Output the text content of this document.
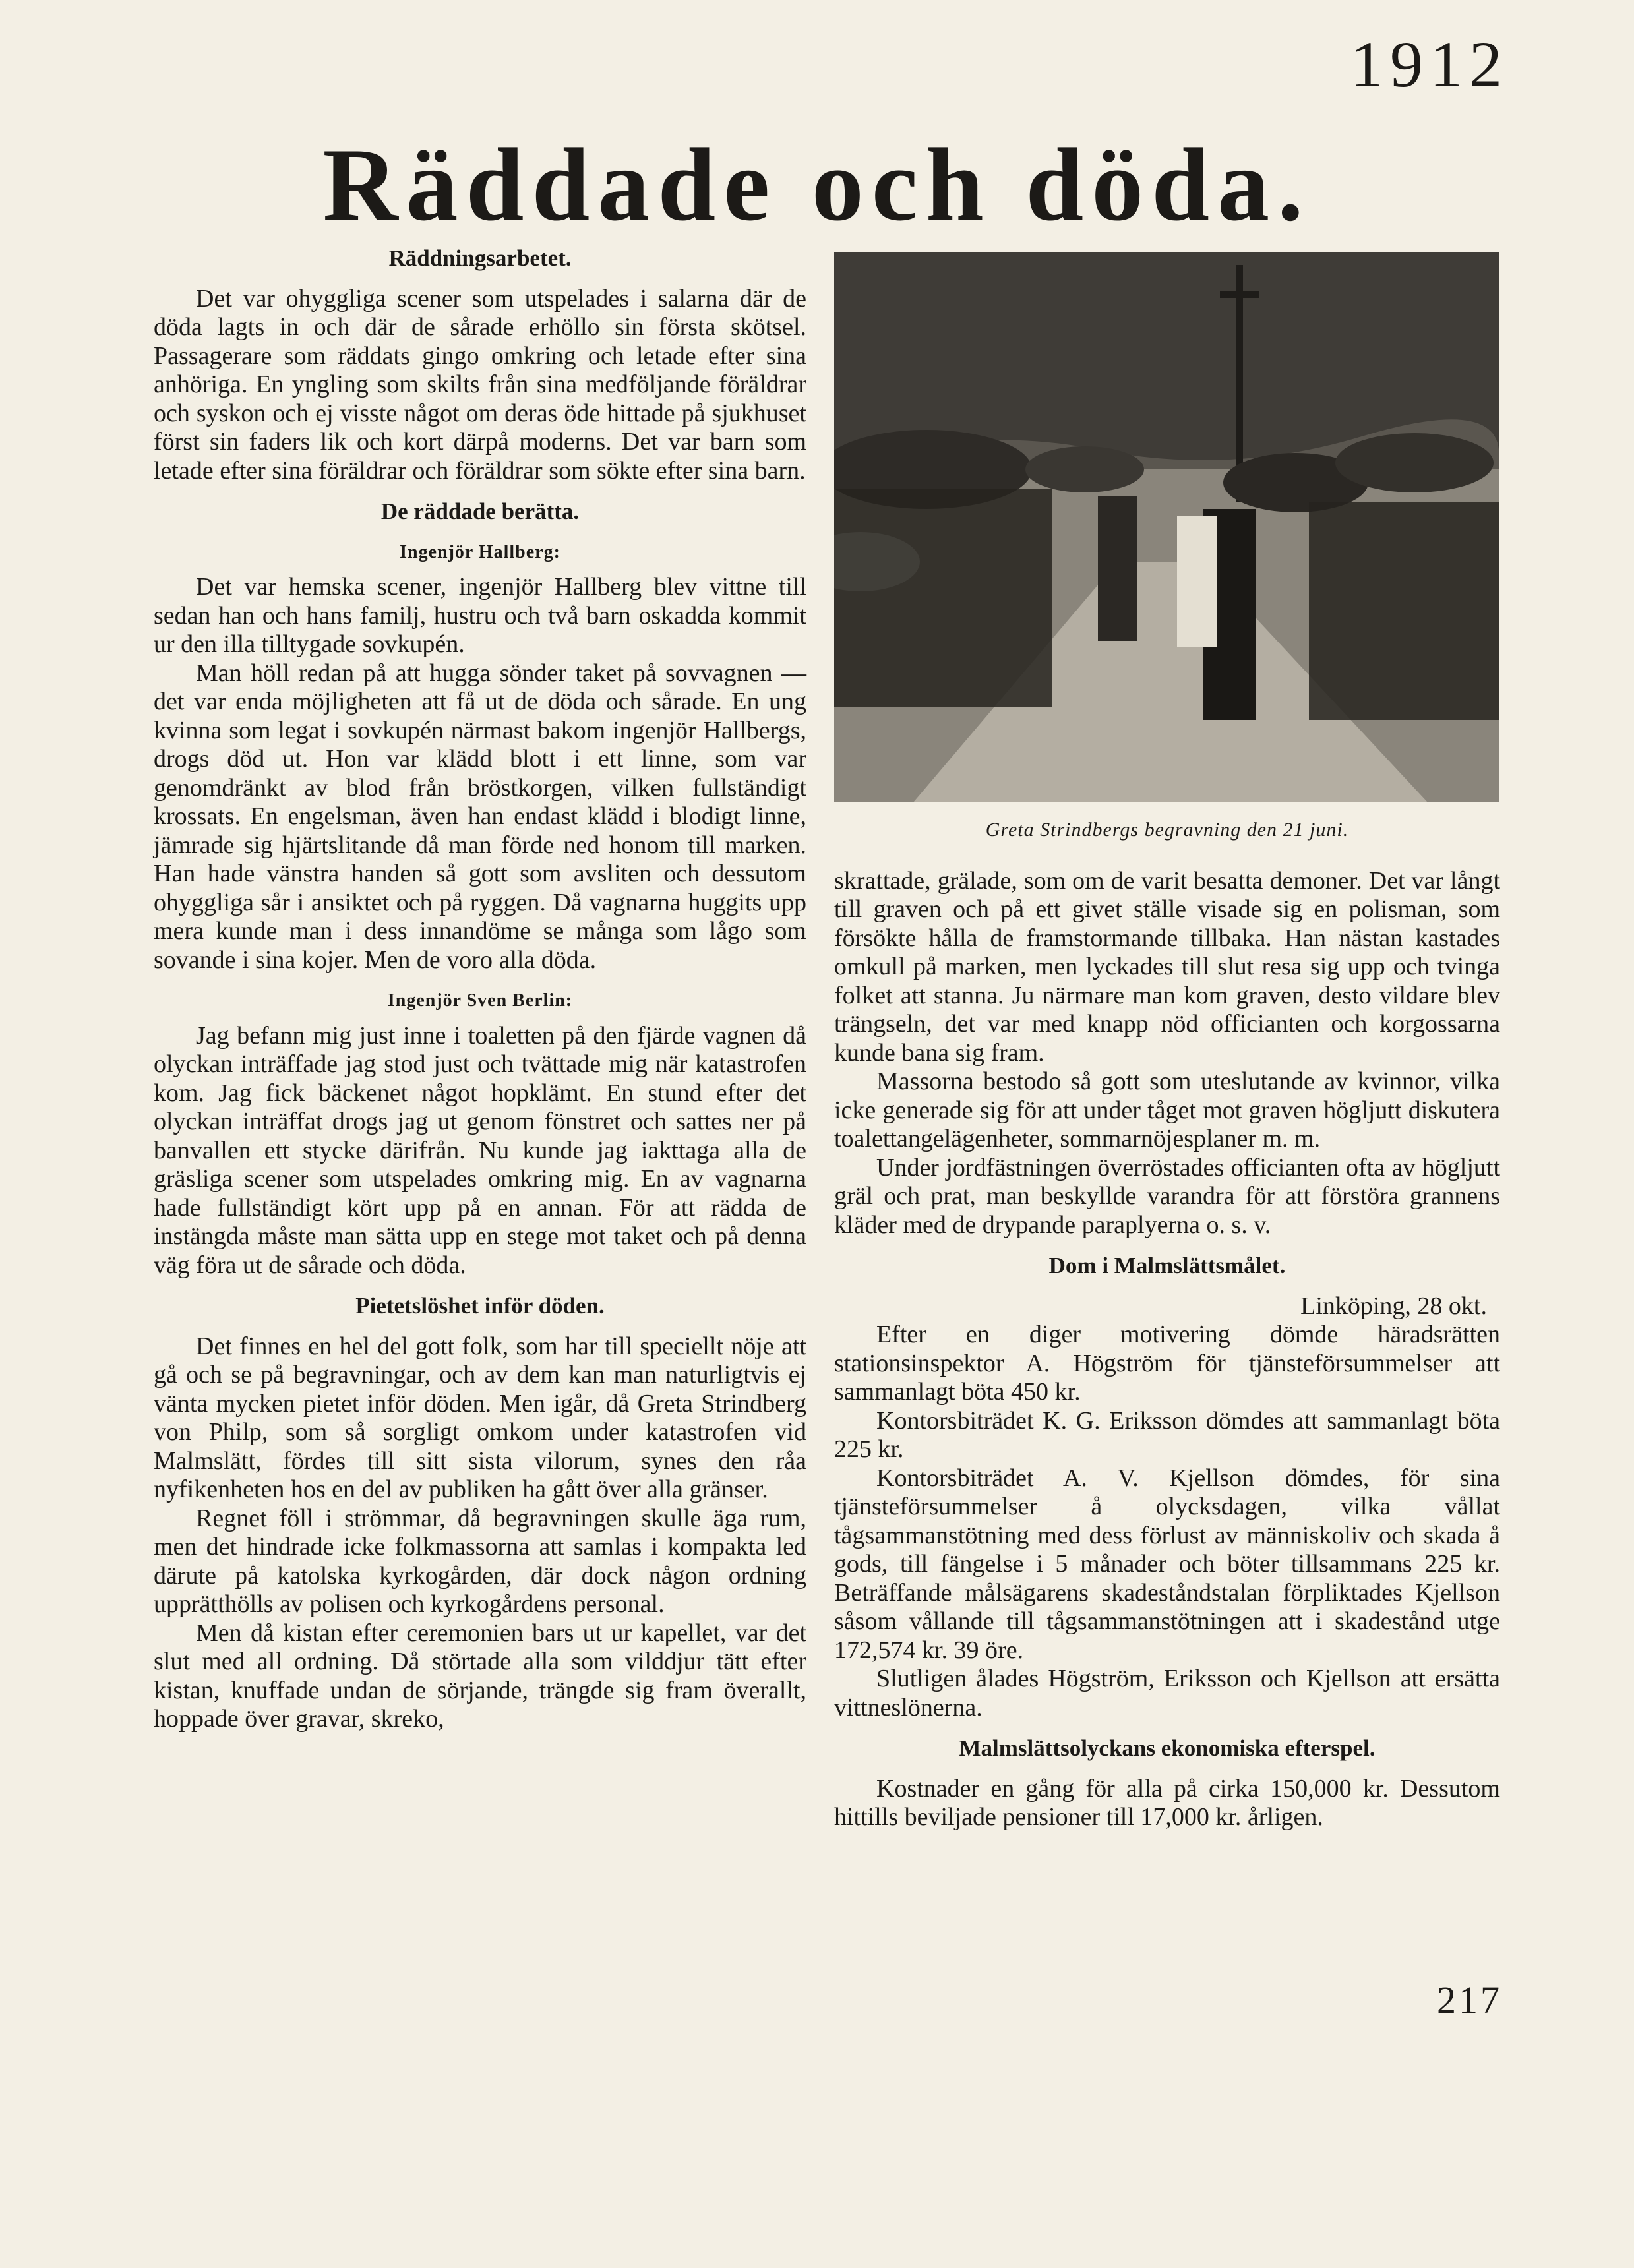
1912
Räddade och döda.
Räddningsarbetet.

Det var ohyggliga scener som utspelades i salarna där de döda lagts in och där de sårade erhöllo sin första skötsel. Passagerare som räddats gingo omkring och letade efter sina anhöriga. En yngling som skilts från sina medföljande föräldrar och syskon och ej visste något om deras öde hittade på sjukhuset först sin faders lik och kort därpå moderns. Det var barn som letade efter sina föräldrar och föräldrar som sökte efter sina barn.

De räddade berätta.
Ingenjör Hallberg:

Det var hemska scener, ingenjör Hallberg blev vittne till sedan han och hans familj, hustru och två barn oskadda kommit ur den illa tilltygade sovkupén.

Man höll redan på att hugga sönder taket på sovvagnen — det var enda möjligheten att få ut de döda och sårade. En ung kvinna som legat i sovkupén närmast bakom ingenjör Hallbergs, drogs död ut. Hon var klädd blott i ett linne, som var genomdränkt av blod från bröstkorgen, vilken fullständigt krossats. En engelsman, även han endast klädd i blodigt linne, jämrade sig hjärtslitande då man förde ned honom till marken. Han hade vänstra handen så gott som avsliten och dessutom ohyggliga sår i ansiktet och på ryggen. Då vagnarna huggits upp mera kunde man i dess innandöme se många som lågo som sovande i sina kojer. Men de voro alla döda.

Ingenjör Sven Berlin:

Jag befann mig just inne i toaletten på den fjärde vagnen då olyckan inträffade jag stod just och tvättade mig när katastrofen kom. Jag fick bäckenet något hopklämt. En stund efter det olyckan inträffat drogs jag ut genom fönstret och sattes ner på banvallen ett stycke därifrån. Nu kunde jag iakttaga alla de gräsliga scener som utspelades omkring mig. En av vagnarna hade fullständigt kört upp på en annan. För att rädda de instängda måste man sätta upp en stege mot taket och på denna väg föra ut de sårade och döda.

Pietetslöshet inför döden.

Det finnes en hel del gott folk, som har till speciellt nöje att gå och se på begravningar, och av dem kan man naturligtvis ej vänta mycken pietet inför döden. Men igår, då Greta Strindberg von Philp, som så sorgligt omkom under katastrofen vid Malmslätt, fördes till sitt sista vilorum, synes den råa nyfikenheten hos en del av publiken ha gått över alla gränser.

Regnet föll i strömmar, då begravningen skulle äga rum, men det hindrade icke folkmassorna att samlas i kompakta led därute på katolska kyrkogården, där dock någon ordning upprätthölls av polisen och kyrkogårdens personal.

Men då kistan efter ceremonien bars ut ur kapellet, var det slut med all ordning. Då störtade alla som vilddjur tätt efter kistan, knuffade undan de sörjande, trängde sig fram överallt, hoppade över gravar, skreko,

Greta Strindbergs begravning den 21 juni.

skrattade, grälade, som om de varit besatta demoner. Det var långt till graven och på ett givet ställe visade sig en polisman, som försökte hålla de framstormande tillbaka. Han nästan kastades omkull på marken, men lyckades till slut resa sig upp och tvinga folket att stanna. Ju närmare man kom graven, desto vildare blev trängseln, det var med knapp nöd officianten och korgossarna kunde bana sig fram.

Massorna bestodo så gott som uteslutande av kvinnor, vilka icke generade sig för att under tåget mot graven högljutt diskutera toalettangelägenheter, sommarnöjesplaner m. m.

Under jordfästningen överröstades officianten ofta av högljutt gräl och prat, man beskyllde varandra för att förstöra grannens kläder med de drypande paraplyerna o. s. v.

Dom i Malmslättsmålet.

Linköping, 28 okt.

Efter en diger motivering dömde häradsrätten stationsinspektor A. Högström för tjänsteförsummelser att sammanlagt böta 450 kr.

Kontorsbiträdet K. G. Eriksson dömdes att sammanlagt böta 225 kr.

Kontorsbiträdet A. V. Kjellson dömdes, för sina tjänsteförsummelser å olycksdagen, vilka vållat tågsammanstötning med dess förlust av människoliv och skada å gods, till fängelse i 5 månader och böter tillsammans 225 kr. Beträffande målsägarens skadeståndstalan förpliktades Kjellson såsom vållande till tågsammanstötningen att i skadestånd utge 172,574 kr. 39 öre.

Slutligen ålades Högström, Eriksson och Kjellson att ersätta vittneslönerna.

Malmslättsolyckans ekonomiska efterspel.

Kostnader en gång för alla på cirka 150,000 kr. Dessutom hittills beviljade pensioner till 17,000 kr. årligen.

217
